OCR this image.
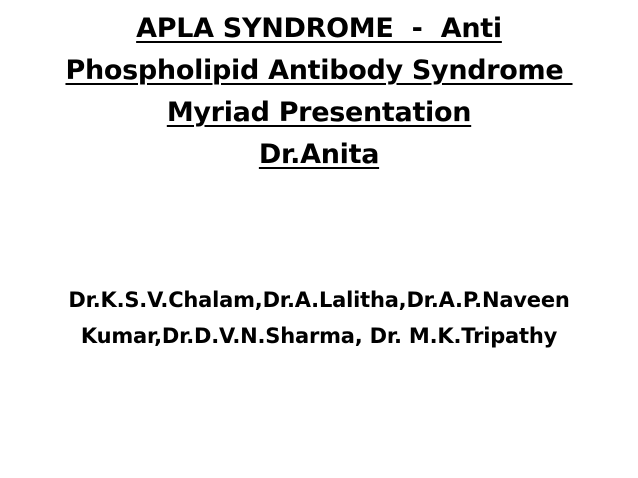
APLA SYNDROME  -  Anti
Phospholipid Antibody Syndrome
Myriad Presentation
Dr.Anita
Dr.K.S.V.Chalam,Dr.A.Lalitha,Dr.A.P.Naveen
Kumar,Dr.D.V.N.Sharma, Dr. M.K.Tripathy
